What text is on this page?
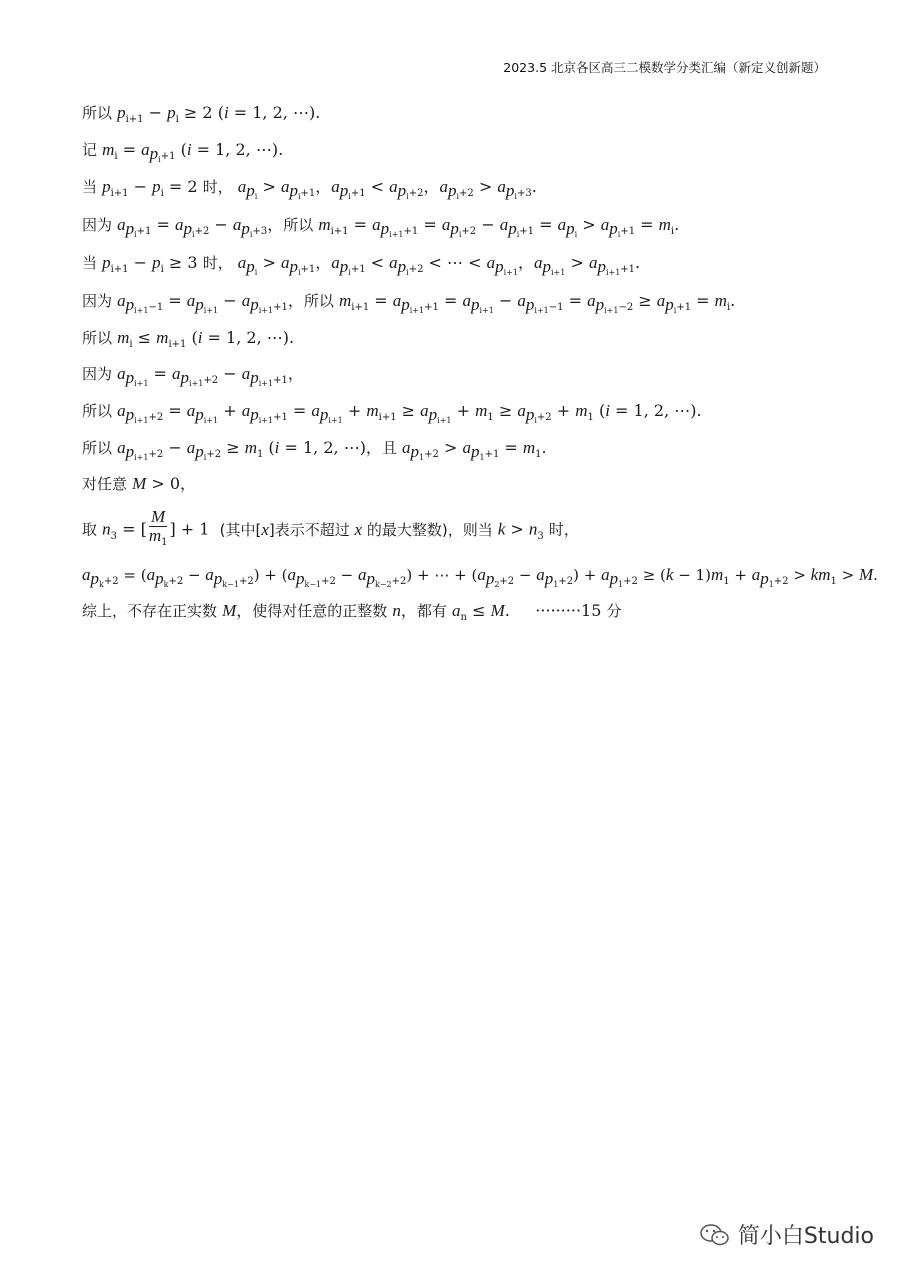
2023.5 北京各区高三二模数学分类汇编（新定义创新题）
所以 $p_{i+1} - p_i \ge 2$ (i = 1, 2, ⋯).
记 $m_i = a_{p_i+1}$ (i = 1, 2, ⋯).
当 $p_{i+1} - p_i = 2$ 时， $a_{p_i} > a_{p_i+1}$，$a_{p_i+1} < a_{p_i+2}$，$a_{p_i+2} > a_{p_i+3}$.
因为 $a_{p_i+1} = a_{p_i+2} - a_{p_i+3}$，所以 $m_{i+1} = a_{p_{i+1}+1} = a_{p_i+2} - a_{p_i+1} = a_{p_i} > a_{p_i+1} = m_i$.
当 $p_{i+1} - p_i \ge 3$ 时， $a_{p_i} > a_{p_i+1}$，$a_{p_i+1} < a_{p_i+2}$ < ⋯ < $a_{p_{i+1}}$，$a_{p_{i+1}} > a_{p_{i+1}+1}$.
因为 $a_{p_{i+1}-1} = a_{p_{i+1}} - a_{p_{i+1}+1}$，所以 $m_{i+1} = a_{p_{i+1}+1} = a_{p_{i+1}} - a_{p_{i+1}-1} = a_{p_{i+1}-2} \ge a_{p_i+1} = m_i$.
所以 $m_i \le m_{i+1}$ (i = 1, 2, ⋯).
因为 $a_{p_{i+1}} = a_{p_{i+1}+2} - a_{p_{i+1}+1}$，
所以 $a_{p_{i+1}+2} = a_{p_{i+1}} + a_{p_{i+1}+1} = a_{p_{i+1}} + m_{i+1} \ge a_{p_{i+1}} + m_1 \ge a_{p_i+2} + m_1$ (i = 1, 2, ⋯).
所以 $a_{p_{i+1}+2} - a_{p_i+2} \ge m_1$ (i = 1, 2, ⋯)，且 $a_{p_1+2} > a_{p_1+1} = m_1$.
对任意 M > 0，
取 $n_3$ = [ $\frac{M}{m_1}$ ] + 1  (其中[x]表示不超过 x 的最大整数)，则当 $k > n_3$ 时，
$a_{p_k+2} = (a_{p_k+2} - a_{p_{k-1}+2}) + (a_{p_{k-1}+2} - a_{p_{k-2}+2})$ + ⋯ + $(a_{p_2+2} - a_{p_1+2}) + a_{p_1+2} \ge (k - 1)m_1 + a_{p_1+2} > km_1 > M$.
综上，不存在正实数 M，使得对任意的正整数 n，都有 $a_n \le M$.     ·········15 分
简小白Studio
